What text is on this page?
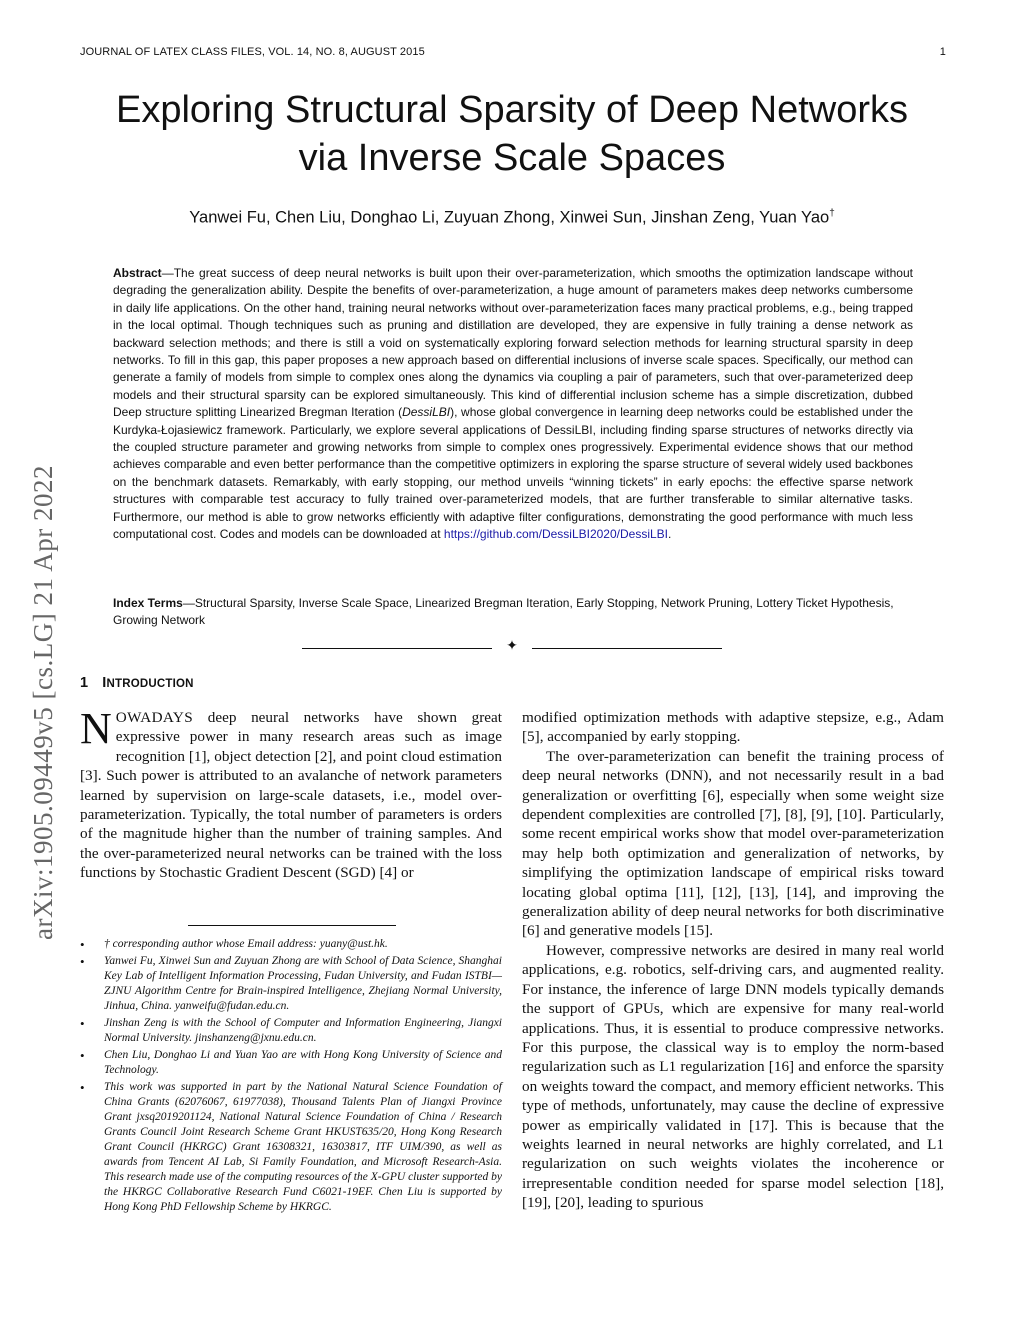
JOURNAL OF LATEX CLASS FILES, VOL. 14, NO. 8, AUGUST 2015	1
arXiv:1905.09449v5 [cs.LG] 21 Apr 2022
Exploring Structural Sparsity of Deep Networks
via Inverse Scale Spaces
Yanwei Fu, Chen Liu, Donghao Li, Zuyuan Zhong, Xinwei Sun, Jinshan Zeng, Yuan Yao†
Abstract—The great success of deep neural networks is built upon their over-parameterization, which smooths the optimization landscape without degrading the generalization ability. Despite the benefits of over-parameterization, a huge amount of parameters makes deep networks cumbersome in daily life applications. On the other hand, training neural networks without over-parameterization faces many practical problems, e.g., being trapped in the local optimal. Though techniques such as pruning and distillation are developed, they are expensive in fully training a dense network as backward selection methods; and there is still a void on systematically exploring forward selection methods for learning structural sparsity in deep networks. To fill in this gap, this paper proposes a new approach based on differential inclusions of inverse scale spaces. Specifically, our method can generate a family of models from simple to complex ones along the dynamics via coupling a pair of parameters, such that over-parameterized deep models and their structural sparsity can be explored simultaneously. This kind of differential inclusion scheme has a simple discretization, dubbed Deep structure splitting Linearized Bregman Iteration (DessiLBI), whose global convergence in learning deep networks could be established under the Kurdyka-Łojasiewicz framework. Particularly, we explore several applications of DessiLBI, including finding sparse structures of networks directly via the coupled structure parameter and growing networks from simple to complex ones progressively. Experimental evidence shows that our method achieves comparable and even better performance than the competitive optimizers in exploring the sparse structure of several widely used backbones on the benchmark datasets. Remarkably, with early stopping, our method unveils “winning tickets” in early epochs: the effective sparse network structures with comparable test accuracy to fully trained over-parameterized models, that are further transferable to similar alternative tasks. Furthermore, our method is able to grow networks efficiently with adaptive filter configurations, demonstrating the good performance with much less computational cost. Codes and models can be downloaded at https://github.com/DessiLBI2020/DessiLBI.
Index Terms—Structural Sparsity, Inverse Scale Space, Linearized Bregman Iteration, Early Stopping, Network Pruning, Lottery Ticket Hypothesis, Growing Network
✦
1 INTRODUCTION

NOWADAYS deep neural networks have shown great expressive power in many research areas such as image recognition [1], object detection [2], and point cloud estimation [3]. Such power is attributed to an avalanche of network parameters learned by supervision on large-scale datasets, i.e., model over-parameterization. Typically, the total number of parameters is orders of the magnitude higher than the number of training samples. And the over-parameterized neural networks can be trained with the loss functions by Stochastic Gradient Descent (SGD) [4] or

• † corresponding author whose Email address: yuany@ust.hk.
• Yanwei Fu, Xinwei Sun and Zuyuan Zhong are with School of Data Science, Shanghai Key Lab of Intelligent Information Processing, Fudan University, and Fudan ISTBI—ZJNU Algorithm Centre for Brain-inspired Intelligence, Zhejiang Normal University, Jinhua, China. yanweifu@fudan.edu.cn.
• Jinshan Zeng is with the School of Computer and Information Engineering, Jiangxi Normal University. jinshanzeng@jxnu.edu.cn.
• Chen Liu, Donghao Li and Yuan Yao are with Hong Kong University of Science and Technology.
• This work was supported in part by the National Natural Science Foundation of China Grants (62076067, 61977038), Thousand Talents Plan of Jiangxi Province Grant jxsq2019201124, National Natural Science Foundation of China / Research Grants Council Joint Research Scheme Grant HKUST635/20, Hong Kong Research Grant Council (HKRGC) Grant 16308321, 16303817, ITF UIM/390, as well as awards from Tencent AI Lab, Si Family Foundation, and Microsoft Research-Asia. This research made use of the computing resources of the X-GPU cluster supported by the HKRGC Collaborative Research Fund C6021-19EF. Chen Liu is supported by Hong Kong PhD Fellowship Scheme by HKRGC.

modified optimization methods with adaptive stepsize, e.g., Adam [5], accompanied by early stopping.

The over-parameterization can benefit the training process of deep neural networks (DNN), and not necessarily result in a bad generalization or overfitting [6], especially when some weight size dependent complexities are controlled [7], [8], [9], [10]. Particularly, some recent empirical works show that model over-parameterization may help both optimization and generalization of networks, by simplifying the optimization landscape of empirical risks toward locating global optima [11], [12], [13], [14], and improving the generalization ability of deep neural networks for both discriminative [6] and generative models [15].

However, compressive networks are desired in many real world applications, e.g. robotics, self-driving cars, and augmented reality. For instance, the inference of large DNN models typically demands the support of GPUs, which are expensive for many real-world applications. Thus, it is essential to produce compressive networks. For this purpose, the classical way is to employ the norm-based regularization such as L1 regularization [16] and enforce the sparsity on weights toward the compact, and memory efficient networks. This type of methods, unfortunately, may cause the decline of expressive power as empirically validated in [17]. This is because that the weights learned in neural networks are highly correlated, and L1 regularization on such weights violates the incoherence or irrepresentable condition needed for sparse model selection [18], [19], [20], leading to spurious
